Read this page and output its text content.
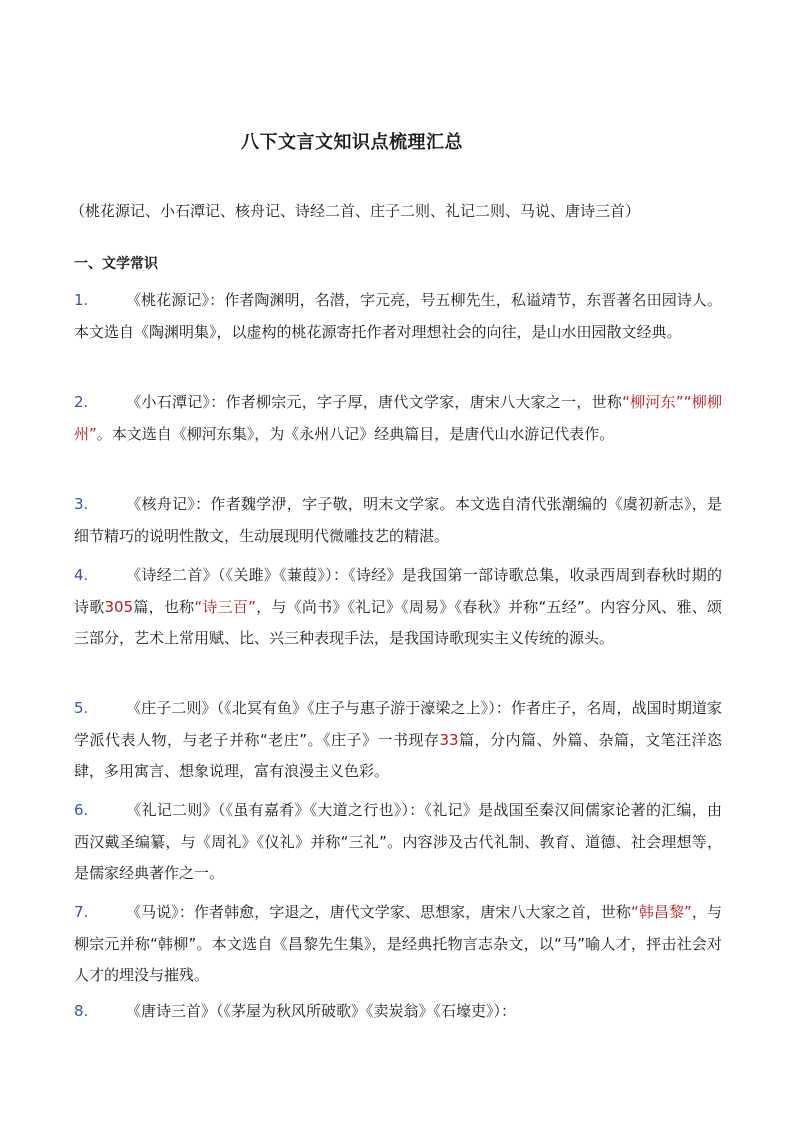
八下文言文知识点梳理汇总
（桃花源记、小石潭记、核舟记、诗经二首、庄子二则、礼记二则、马说、唐诗三首）
一、文学常识
1.	《桃花源记》：作者陶渊明，名潜，字元亮，号五柳先生，私谥靖节，东晋著名田园诗人。本文选自《陶渊明集》，以虚构的桃花源寄托作者对理想社会的向往，是山水田园散文经典。
2.	《小石潭记》：作者柳宗元，字子厚，唐代文学家，唐宋八大家之一，世称“柳河东”“柳柳州”。本文选自《柳河东集》，为《永州八记》经典篇目，是唐代山水游记代表作。
3.	《核舟记》：作者魏学洢，字子敬，明末文学家。本文选自清代张潮编的《虞初新志》，是细节精巧的说明性散文，生动展现明代微雕技艺的精湛。
4.	《诗经二首》（《关雎》《蒹葭》）：《诗经》是我国第一部诗歌总集，收录西周到春秋时期的诗歌305篇，也称“诗三百”，与《尚书》《礼记》《周易》《春秋》并称“五经”。内容分风、雅、颂三部分，艺术上常用赋、比、兴三种表现手法，是我国诗歌现实主义传统的源头。
5.	《庄子二则》（《北冥有鱼》《庄子与惠子游于濠梁之上》）：作者庄子，名周，战国时期道家学派代表人物，与老子并称“老庄”。《庄子》一书现存33篇，分内篇、外篇、杂篇，文笔汪洋恣肆，多用寓言、想象说理，富有浪漫主义色彩。
6.	《礼记二则》（《虽有嘉肴》《大道之行也》）：《礼记》是战国至秦汉间儒家论著的汇编，由西汉戴圣编纂，与《周礼》《仪礼》并称“三礼”。内容涉及古代礼制、教育、道德、社会理想等，是儒家经典著作之一。
7.	《马说》：作者韩愈，字退之，唐代文学家、思想家，唐宋八大家之首，世称“韩昌黎”，与柳宗元并称“韩柳”。本文选自《昌黎先生集》，是经典托物言志杂文，以“马”喻人才，抨击社会对人才的埋没与摧残。
8.	《唐诗三首》（《茅屋为秋风所破歌》《卖炭翁》《石壕吏》）：
